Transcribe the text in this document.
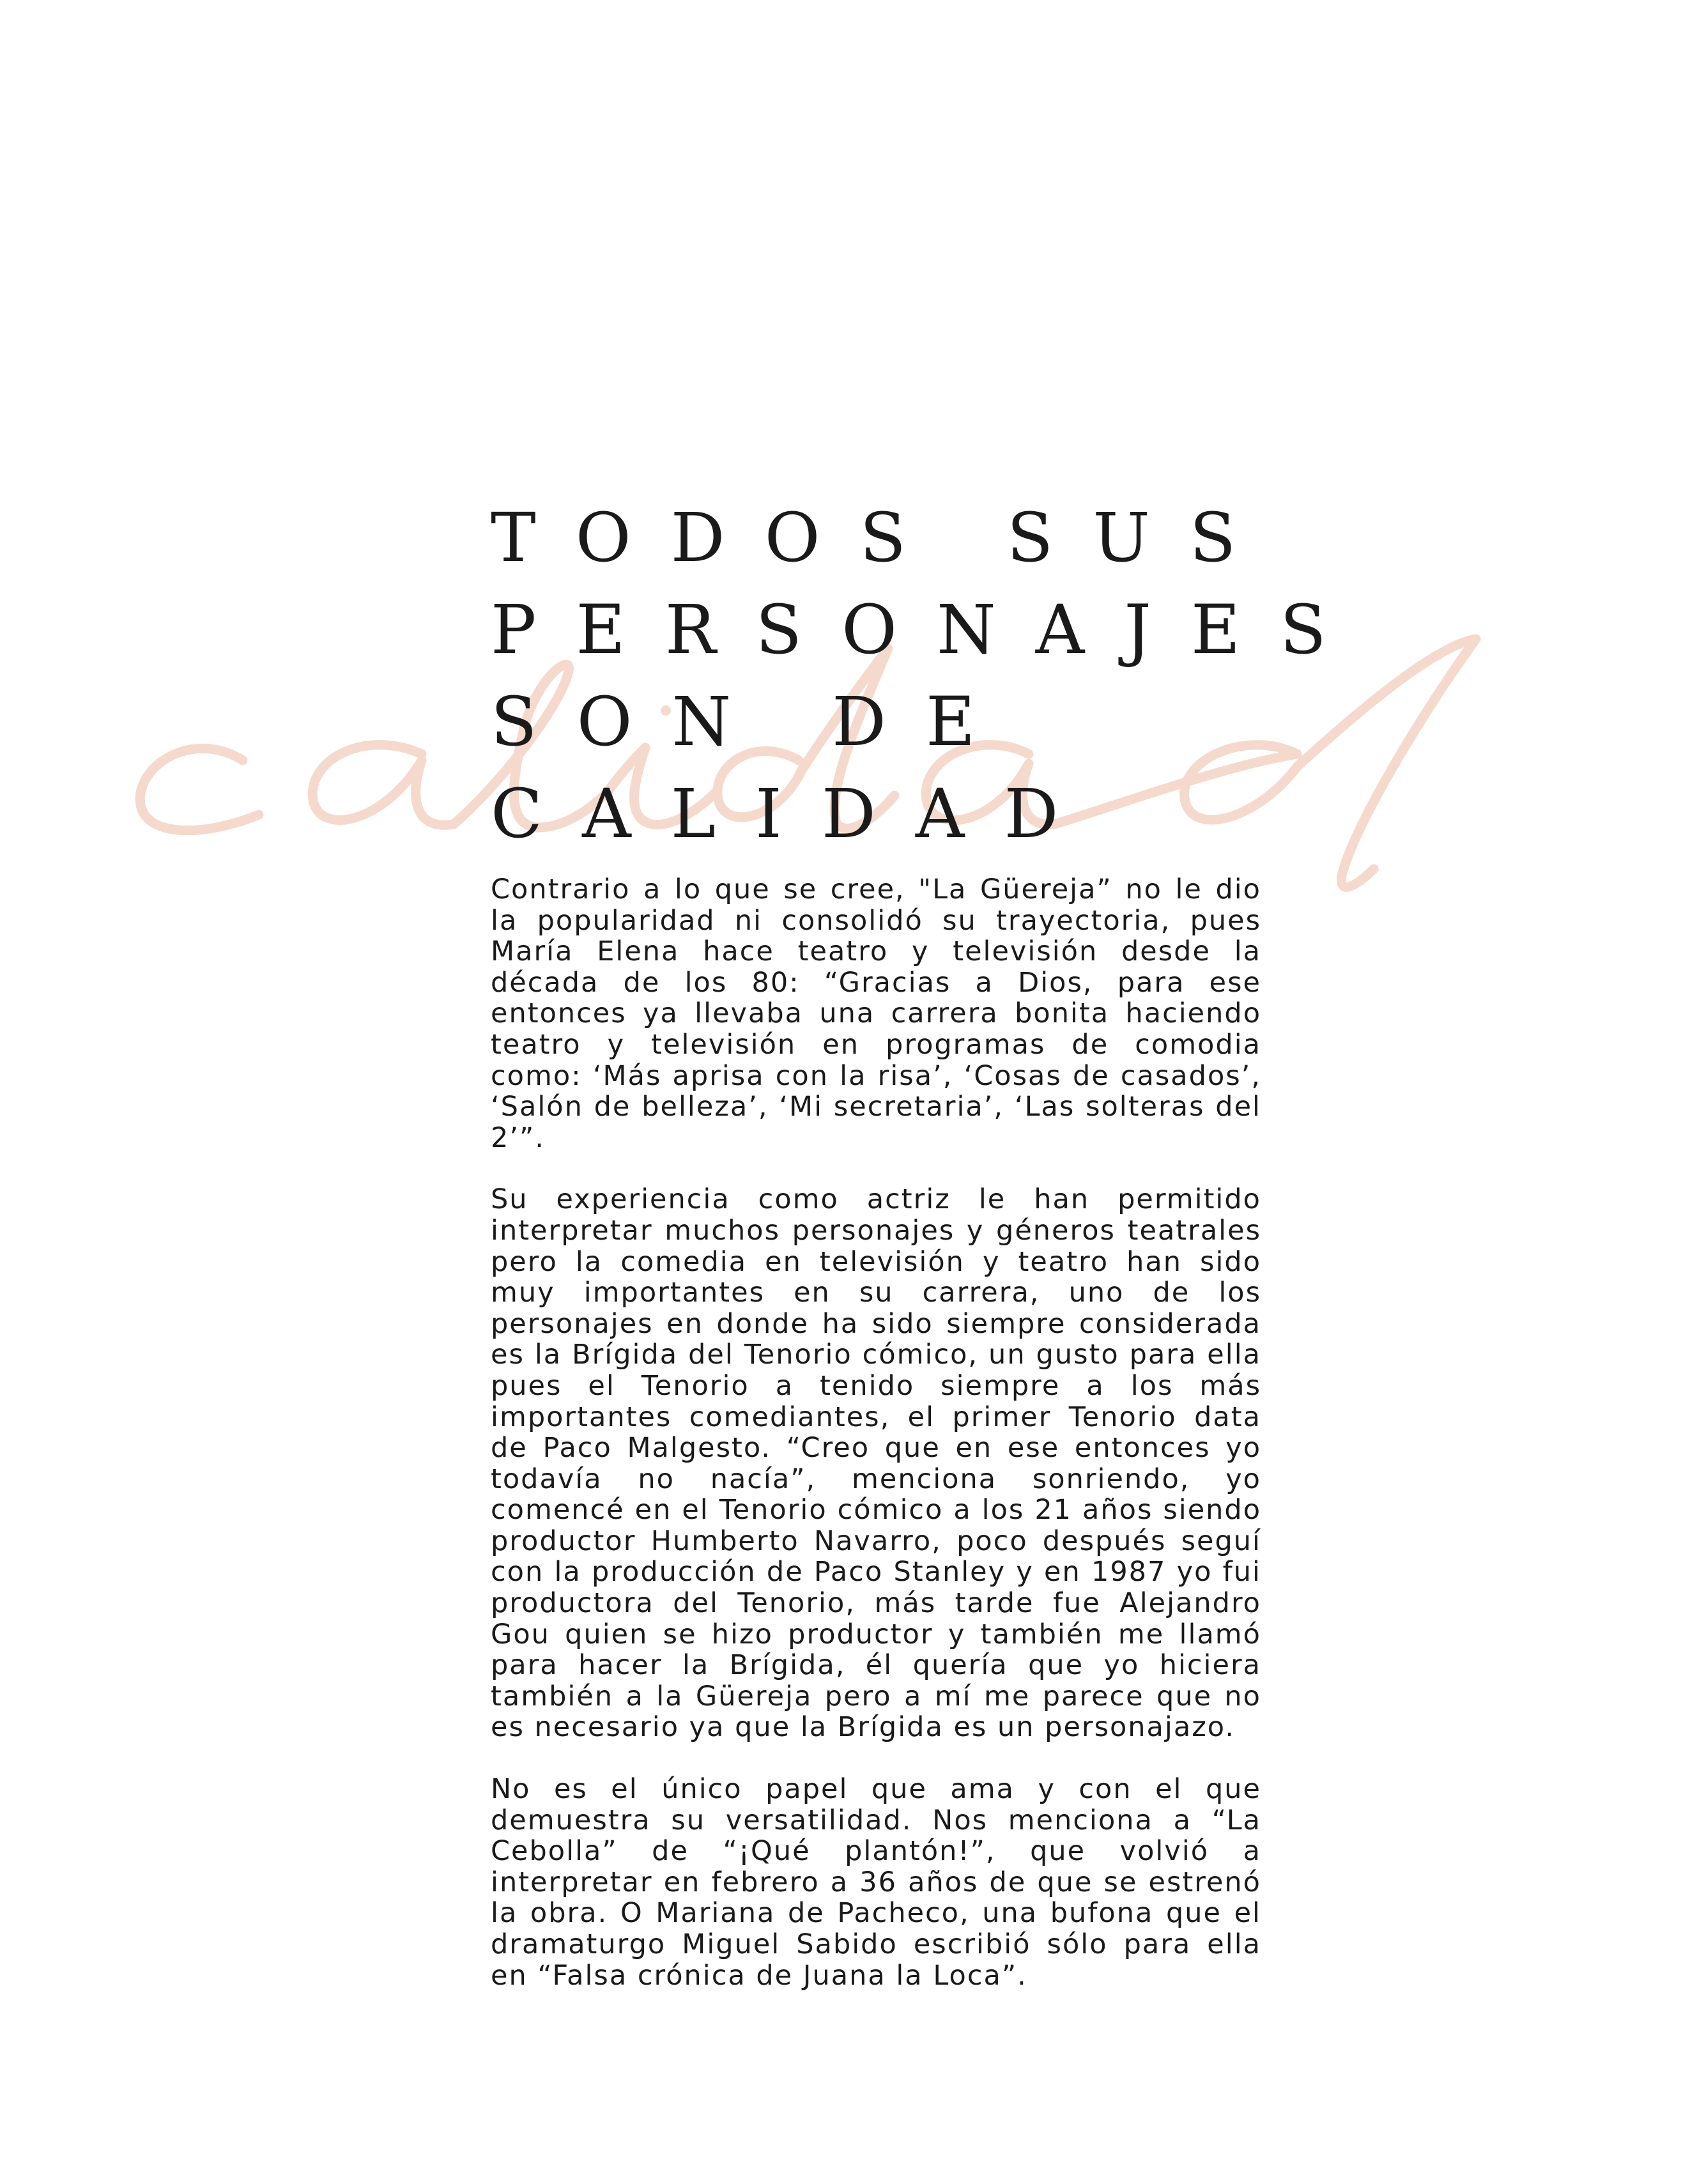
TODOS SUS
PERSONAJES
SON DE
CALIDAD

Contrario a lo que se cree, "La Güereja” no le dio la popularidad ni consolidó su trayectoria, pues María Elena hace teatro y televisión desde la década de los 80: “Gracias a Dios, para ese entonces ya llevaba una carrera bonita haciendo teatro y televisión en programas de comodia como: ‘Más aprisa con la risa’, ‘Cosas de casados’, ‘Salón de belleza’, ‘Mi secretaria’, ‘Las solteras del 2’”.

Su experiencia como actriz le han permitido interpretar muchos personajes y géneros teatrales pero la comedia en televisión y teatro han sido muy importantes en su carrera, uno de los personajes en donde ha sido siempre considerada es la Brígida del Tenorio cómico, un gusto para ella pues el Tenorio a tenido siempre a los más importantes comediantes, el primer Tenorio data de Paco Malgesto. “Creo que en ese entonces yo todavía no nacía”, menciona sonriendo, yo comencé en el Tenorio cómico a los 21 años siendo productor Humberto Navarro, poco después seguí con la producción de Paco Stanley y en 1987 yo fui productora del Tenorio, más tarde fue Alejandro Gou quien se hizo productor y también me llamó para hacer la Brígida, él quería que yo hiciera también a la Güereja pero a mí me parece que no es necesario ya que la Brígida es un personajazo.

No es el único papel que ama y con el que demuestra su versatilidad. Nos menciona a “La Cebolla” de “¡Qué plantón!”, que volvió a interpretar en febrero a 36 años de que se estrenó la obra. O Mariana de Pacheco, una bufona que el dramaturgo Miguel Sabido escribió sólo para ella en “Falsa crónica de Juana la Loca”.
